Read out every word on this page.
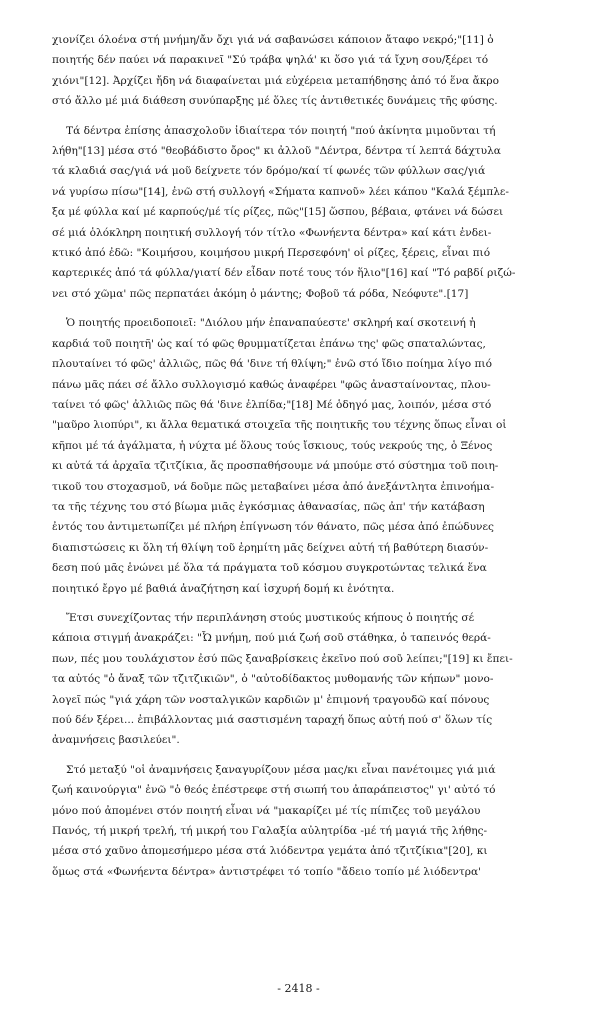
χιονίζει όλοένα στή μνήμη/ἄν ὄχι γιά νά σαβανώσει κάποιον ἄταφο νεκρό;"[11] ὁ
ποιητής δέν παύει νά παρακινεῖ "Σύ τράβα ψηλά' κι ὅσο γιά τά ἴχνη σου/ξέρει τό
χιόνι"[12]. Ἀρχίζει ἤδη νά διαφαίνεται μιά εὐχέρεια μεταπήδησης ἀπό τό ἕνα ἄκρο
στό ἄλλο μέ μιά διάθεση συνύπαρξης μέ ὅλες τίς ἀντιθετικές δυνάμεις τῆς φύσης.

Τά δέντρα ἐπίσης ἀπασχολοῦν ἰδιαίτερα τόν ποιητή "πού ἀκίνητα μιμοῦνται τή
λήθη"[13] μέσα στό "θεοβάδιστο ὄρος" κι ἀλλοῦ "Δέντρα, δέντρα τί λεπτά δάχτυλα
τά κλαδιά σας/γιά νά μοῦ δείχνετε τόν δρόμο/καί τί φωνές τῶν φύλλων σας/γιά
νά γυρίσω πίσω"[14], ἐνῶ στή συλλογή «Σήματα καπνοῦ» λέει κάπου "Καλά ξέμπλε-
ξα μέ φύλλα καί μέ καρπούς/μέ τίς ρίζες, πῶς"[15] ὥσπου, βέβαια, φτάνει νά δώσει
σέ μιά ὁλόκληρη ποιητική συλλογή τόν τίτλο «Φωνήεντα δέντρα» καί κάτι ἐνδει-
κτικό ἀπό ἐδῶ: "Κοιμήσου, κοιμήσου μικρή Περσεφόνη' οἱ ρίζες, ξέρεις, εἶναι πιό
καρτερικές ἀπό τά φύλλα/γιατί δέν εἶδαν ποτέ τους τόν ἥλιο"[16] καί "Τό ραβδί ριζώ-
νει στό χῶμα' πῶς περπατάει ἀκόμη ὁ μάντης; Φοβοῦ τά ρόδα, Νεόφυτε".[17]

Ὁ ποιητής προειδοποιεῖ: "Διόλου μήν ἐπαναπαύεστε' σκληρή καί σκοτεινή ἡ
καρδιά τοῦ ποιητῆ' ὡς καί τό φῶς θρυμματίζεται ἐπάνω της' φῶς σπαταλώντας,
πλουταίνει τό φῶς' ἀλλιῶς, πῶς θά 'δινε τή θλίψη;" ἐνῶ στό ἴδιο ποίημα λίγο πιό
πάνω μᾶς πάει σέ ἄλλο συλλογισμό καθώς ἀναφέρει "φῶς ἀνασταίνοντας, πλου-
ταίνει τό φῶς' ἀλλιῶς πῶς θά 'δινε ἐλπίδα;"[18] Μέ ὁδηγό μας, λοιπόν, μέσα στό
"μαῦρο λιοπύρι", κι ἄλλα θεματικά στοιχεῖα τῆς ποιητικῆς του τέχνης ὅπως εἶναι οἱ
κῆποι μέ τά ἀγάλματα, ἡ νύχτα μέ ὅλους τούς ἴσκιους, τούς νεκρούς της, ὁ Ξένος
κι αὐτά τά ἀρχαῖα τζιτζίκια, ἄς προσπαθήσουμε νά μπούμε στό σύστημα τοῦ ποιη-
τικοῦ του στοχασμοῦ, νά δοῦμε πῶς μεταβαίνει μέσα ἀπό ἀνεξάντλητα ἐπινοήμα-
τα τῆς τέχνης του στό βίωμα μιᾶς ἐγκόσμιας ἀθανασίας, πῶς ἀπ' τήν κατάβαση
ἐντός του ἀντιμετωπίζει μέ πλήρη ἐπίγνωση τόν θάνατο, πῶς μέσα ἀπό ἐπώδυνες
διαπιστώσεις κι ὅλη τή θλίψη τοῦ ἐρημίτη μᾶς δείχνει αὐτή τή βαθύτερη διασύν-
δεση πού μᾶς ἑνώνει μέ ὅλα τά πράγματα τοῦ κόσμου συγκροτώντας τελικά ἕνα
ποιητικό ἔργο μέ βαθιά ἀναζήτηση καί ἰσχυρή δομή κι ἑνότητα.

Ἔτσι συνεχίζοντας τήν περιπλάνηση στούς μυστικούς κήπους ὁ ποιητής σέ
κάποια στιγμή ἀνακράζει: "Ὦ μνήμη, πού μιά ζωή σοῦ στάθηκα, ὁ ταπεινός θερά-
πων, πές μου τουλάχιστον ἐσύ πῶς ξαναβρίσκεις ἐκεῖνο πού σοῦ λείπει;"[19] κι ἔπει-
τα αὐτός "ὁ ἄναξ τῶν τζιτζικιῶν", ὁ "αὐτοδίδακτος μυθομανής τῶν κήπων" μονο-
λογεῖ πώς "γιά χάρη τῶν νοσταλγικῶν καρδιῶν μ' ἐπιμονή τραγουδῶ καί πόνους
πού δέν ξέρει... ἐπιβάλλοντας μιά σαστισμένη ταραχή ὅπως αὐτή πού σ' ὅλων τίς
ἀναμνήσεις βασιλεύει".

Στό μεταξύ "οἱ ἀναμνήσεις ξαναγυρίζουν μέσα μας/κι εἶναι πανέτοιμες γιά μιά
ζωή καινούργια" ἐνῶ "ὁ θεός ἐπέστρεφε στή σιωπή του ἀπαράπειστος" γι' αὐτό τό
μόνο πού ἀπομένει στόν ποιητή εἶναι νά "μακαρίζει μέ τίς πίπιζες τοῦ μεγάλου
Πανός, τή μικρή τρελή, τή μικρή του Γαλαξία αὐλητρίδα -μέ τή μαγιά τῆς λήθης-
μέσα στό χαῦνο ἀπομεσήμερο μέσα στά λιόδεντρα γεμάτα ἀπό τζιτζίκια"[20], κι
ὅμως στά «Φωνήεντα δέντρα» ἀντιστρέφει τό τοπίο "ἄδειο τοπίο μέ λιόδεντρα'

- 2418 -
